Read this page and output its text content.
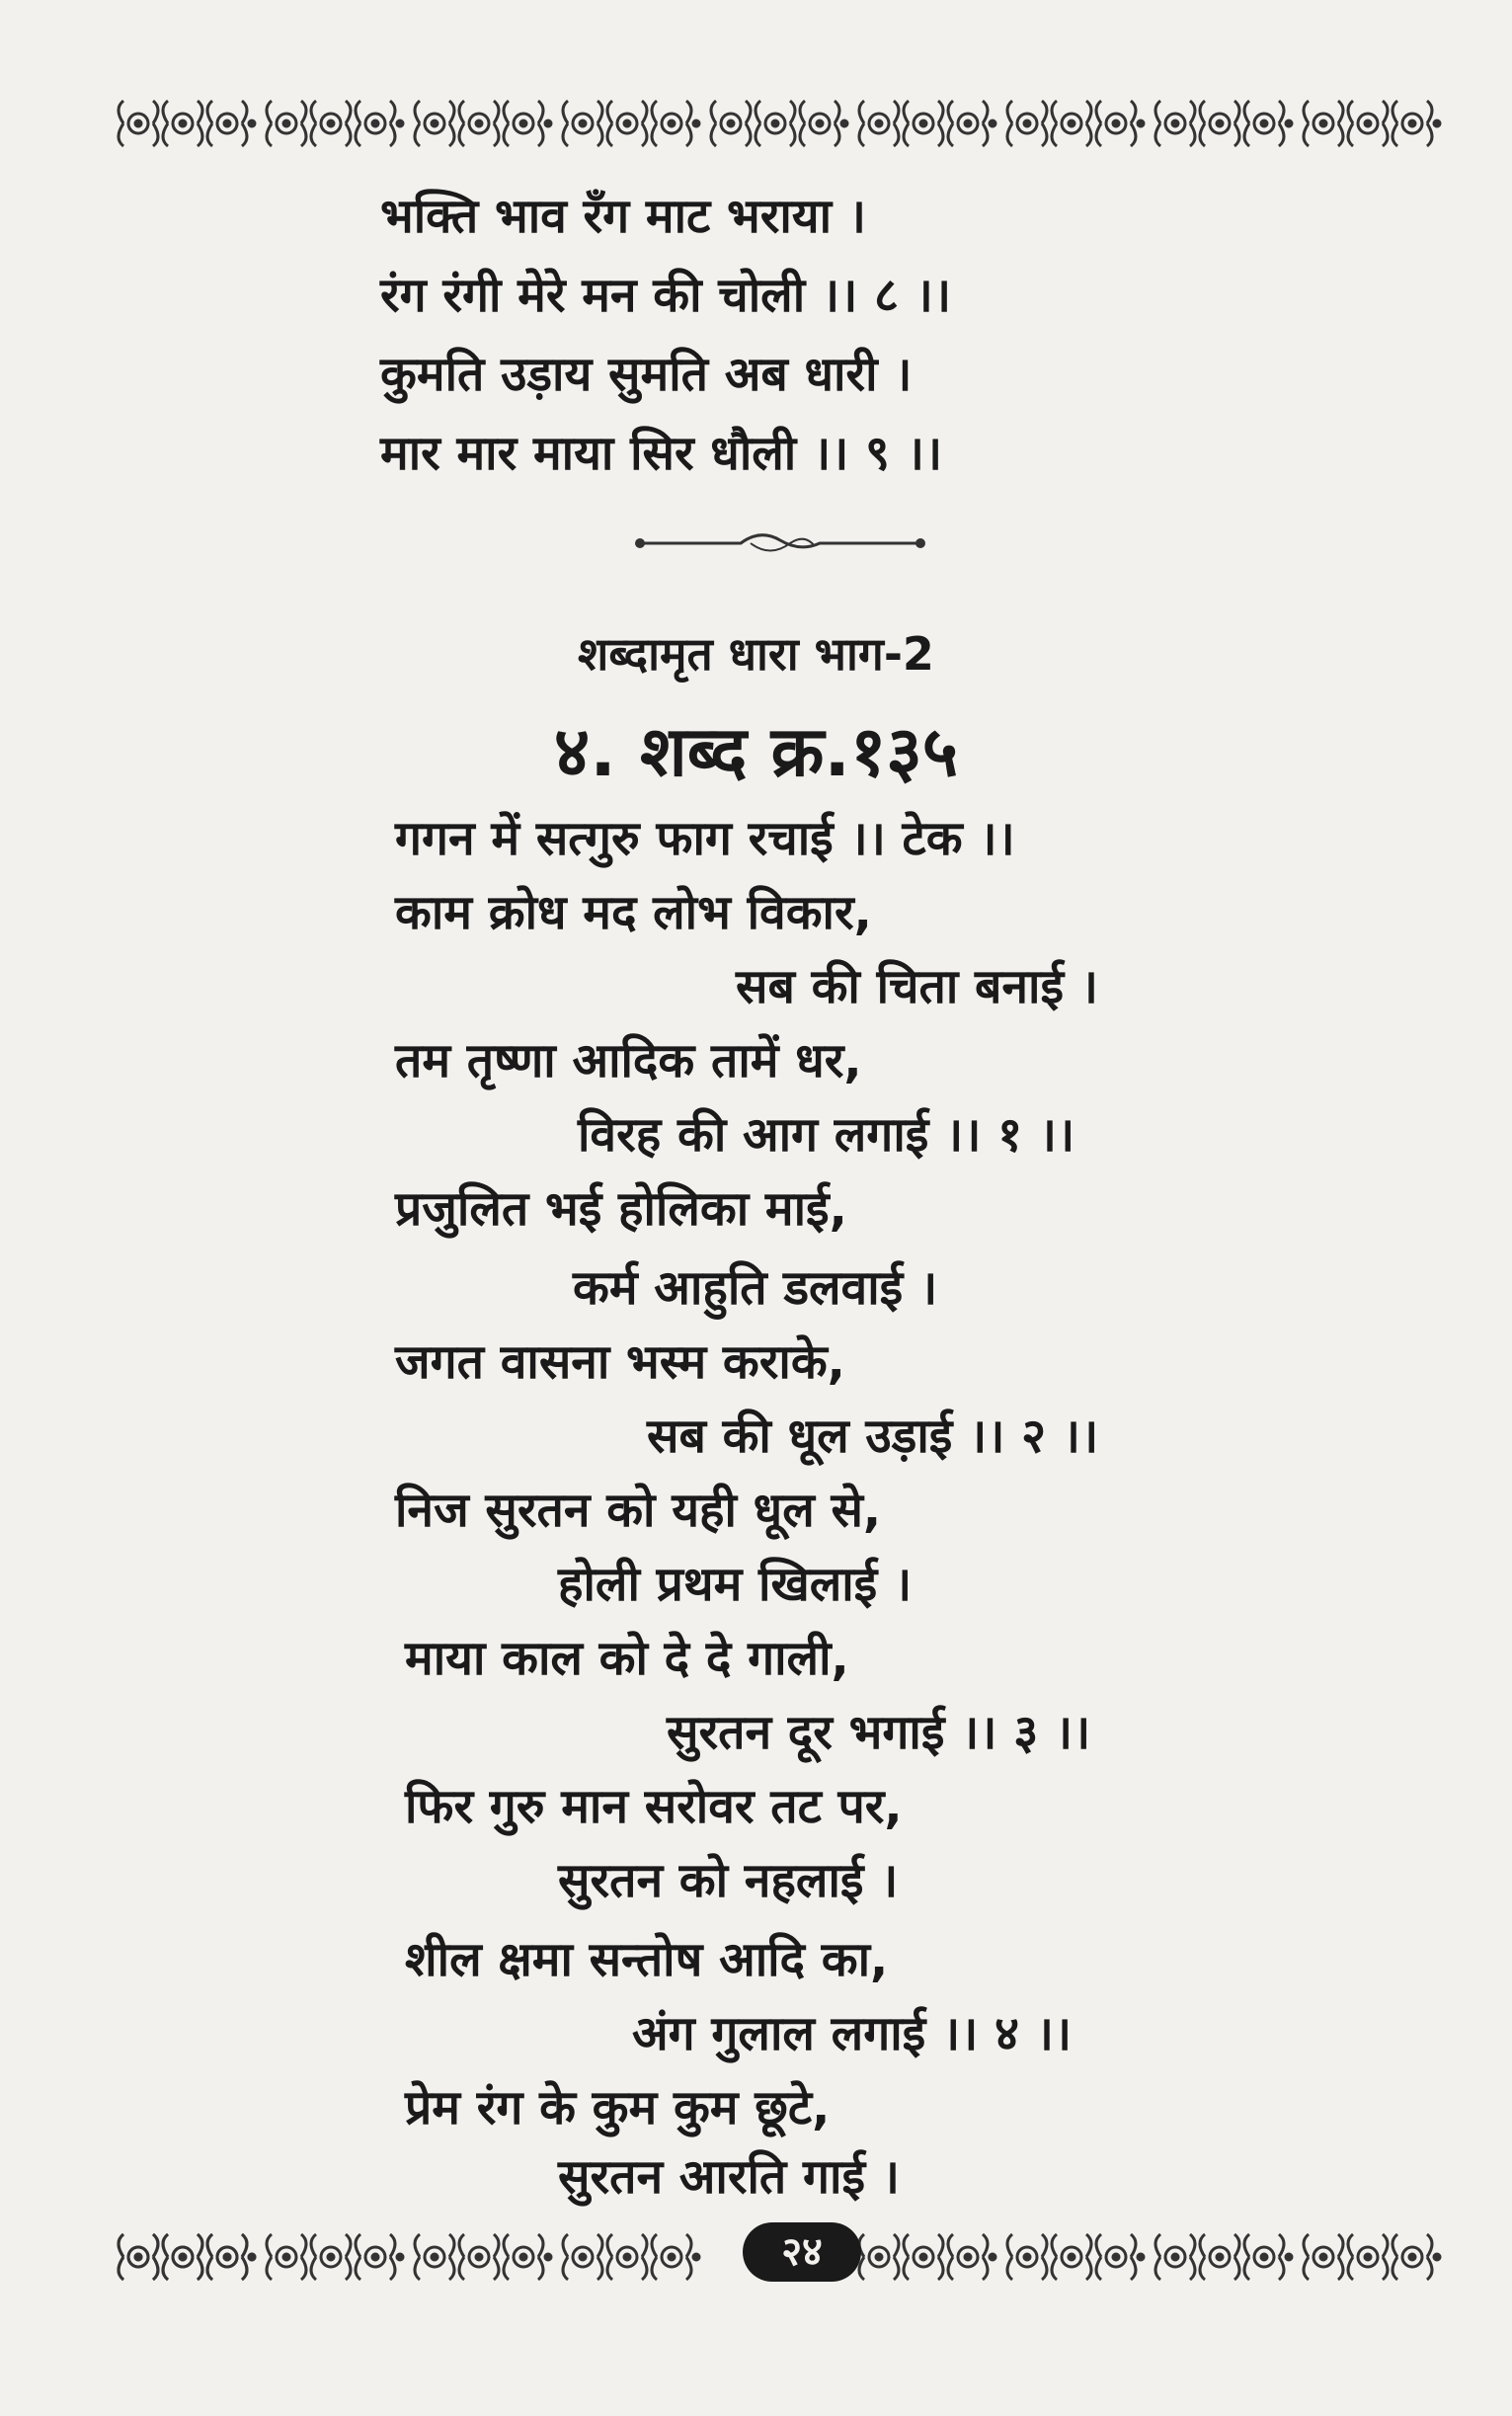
भक्ति भाव रँग माट भराया ।
रंग रंगी मेरे मन की चोली ।। ८ ।।
कुमति उड़ाय सुमति अब धारी ।
मार मार माया सिर धौली ।। ९ ।।
शब्दामृत धारा भाग-2
४. शब्द क्र.१३५
गगन में सत्गुरु फाग रचाई ।। टेक ।।
काम क्रोध मद लोभ विकार,
सब की चिता बनाई ।
तम तृष्णा आदिक तामें धर,
विरह की आग लगाई ।। १ ।।
प्रजुलित भई होलिका माई,
कर्म आहुति डलवाई ।
जगत वासना भस्म कराके,
सब की धूल उड़ाई ।। २ ।।
निज सुरतन को यही धूल से,
होली प्रथम खिलाई ।
माया काल को दे दे गाली,
सुरतन दूर भगाई ।। ३ ।।
फिर गुरु मान सरोवर तट पर,
सुरतन को नहलाई ।
शील क्षमा सन्तोष आदि का,
अंग गुलाल लगाई ।। ४ ।।
प्रेम रंग के कुम कुम छूटे,
सुरतन आरति गाई ।
२४
